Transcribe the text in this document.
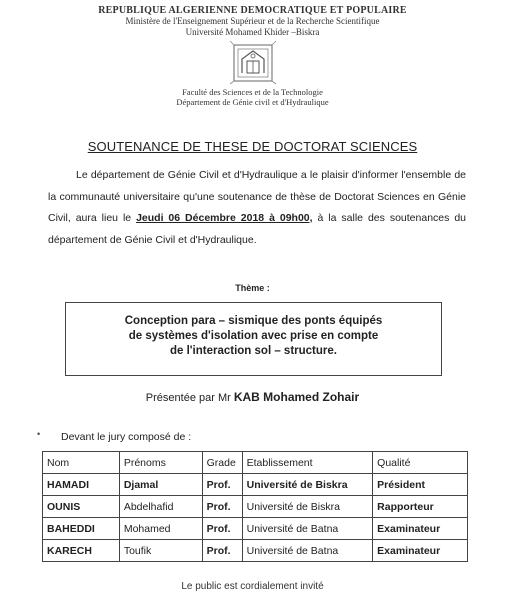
REPUBLIQUE ALGERIENNE DEMOCRATIQUE ET POPULAIRE
Ministère de l'Enseignement Supérieur et de la Recherche Scientifique
Université Mohamed Khider –Biskra
Faculté des Sciences et de la Technologie
Département de Génie civil et d'Hydraulique
SOUTENANCE DE THESE DE DOCTORAT SCIENCES
Le département de Génie Civil et d'Hydraulique a le plaisir d'informer l'ensemble de la communauté universitaire qu'une soutenance de thèse de Doctorat Sciences en Génie Civil, aura lieu le Jeudi 06 Décembre 2018 à 09h00, à la salle des soutenances du département de Génie Civil et d'Hydraulique.
Thème :
Conception para – sismique des ponts équipés
de systèmes d'isolation avec prise en compte
de l'interaction sol – structure.
Présentée par Mr KAB Mohamed Zohair
• Devant le jury composé de :
Nom	Prénoms	Grade	Etablissement	Qualité
HAMADI	Djamal	Prof.	Université de Biskra	Président
OUNIS	Abdelhafid	Prof.	Université de Biskra	Rapporteur
BAHEDDI	Mohamed	Prof.	Université de Batna	Examinateur
KARECH	Toufik	Prof.	Université de Batna	Examinateur
Le public est cordialement invité
